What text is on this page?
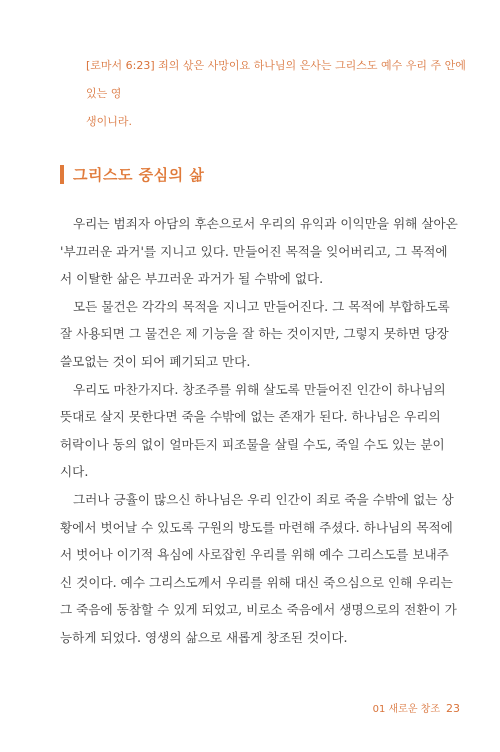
[로마서 6:23] 죄의 삯은 사망이요 하나님의 은사는 그리스도 예수 우리 주 안에 있는 영

생이니라.

그리스도 중심의 삶
우리는 범죄자 아담의 후손으로서 우리의 유익과 이익만을 위해 살아온
'부끄러운 과거'를 지니고 있다. 만들어진 목적을 잊어버리고, 그 목적에
서 이탈한 삶은 부끄러운 과거가 될 수밖에 없다.
모든 물건은 각각의 목적을 지니고 만들어진다. 그 목적에 부합하도록
잘 사용되면 그 물건은 제 기능을 잘 하는 것이지만, 그렇지 못하면 당장
쓸모없는 것이 되어 폐기되고 만다.
우리도 마찬가지다. 창조주를 위해 살도록 만들어진 인간이 하나님의
뜻대로 살지 못한다면 죽을 수밖에 없는 존재가 된다. 하나님은 우리의
허락이나 동의 없이 얼마든지 피조물을 살릴 수도, 죽일 수도 있는 분이
시다.
그러나 긍휼이 많으신 하나님은 우리 인간이 죄로 죽을 수밖에 없는 상
황에서 벗어날 수 있도록 구원의 방도를 마련해 주셨다. 하나님의 목적에
서 벗어나 이기적 욕심에 사로잡힌 우리를 위해 예수 그리스도를 보내주
신 것이다. 예수 그리스도께서 우리를 위해 대신 죽으심으로 인해 우리는
그 죽음에 동참할 수 있게 되었고, 비로소 죽음에서 생명으로의 전환이 가
능하게 되었다. 영생의 삶으로 새롭게 창조된 것이다.
01 새로운 창조 23
